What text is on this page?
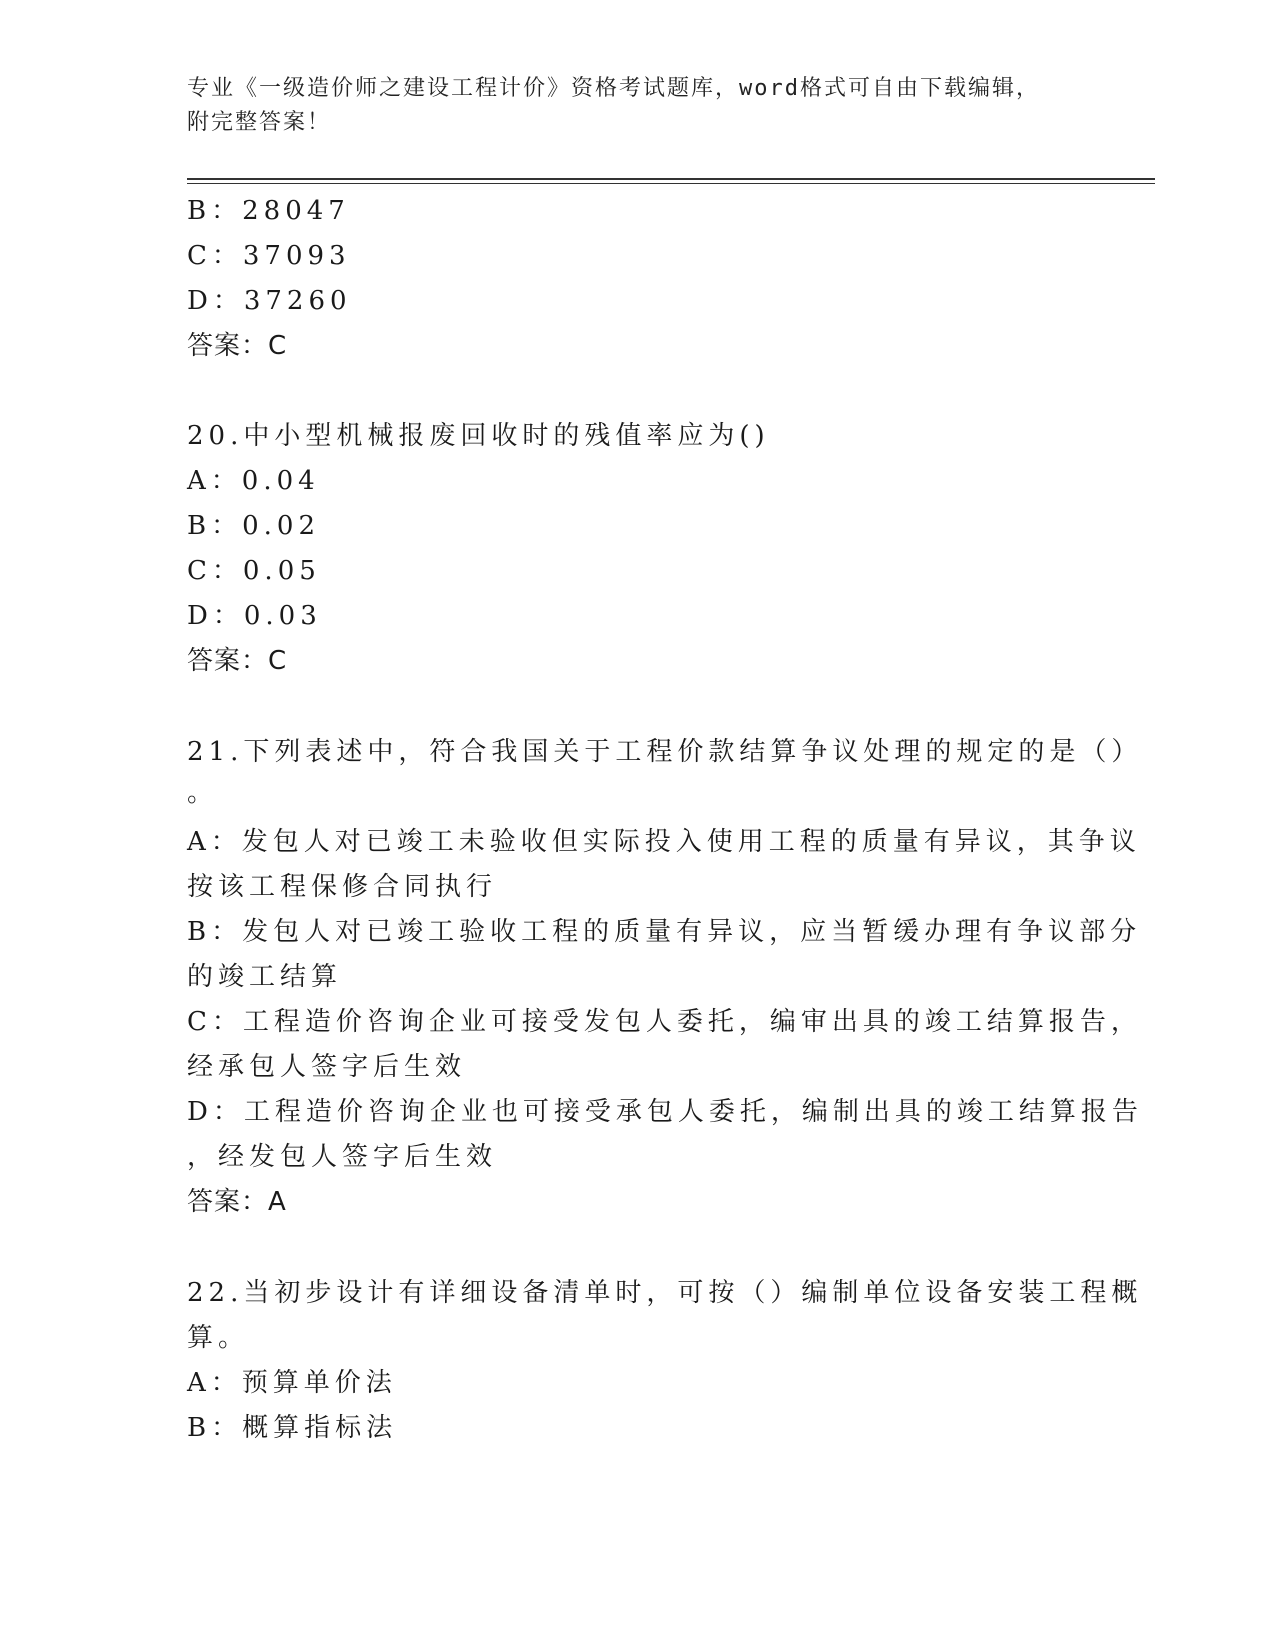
专业《一级造价师之建设工程计价》资格考试题库，word格式可自由下载编辑，
附完整答案！
B：28047
C：37093
D：37260
答案：C
20.中小型机械报废回收时的残值率应为()
A：0.04
B：0.02
C：0.05
D：0.03
答案：C
21.下列表述中，符合我国关于工程价款结算争议处理的规定的是（）
。
A：发包人对已竣工未验收但实际投入使用工程的质量有异议，其争议
按该工程保修合同执行
B：发包人对已竣工验收工程的质量有异议，应当暂缓办理有争议部分
的竣工结算
C：工程造价咨询企业可接受发包人委托，编审出具的竣工结算报告，
经承包人签字后生效
D：工程造价咨询企业也可接受承包人委托，编制出具的竣工结算报告
，经发包人签字后生效
答案：A
22.当初步设计有详细设备清单时，可按（）编制单位设备安装工程概
算。
A：预算单价法
B：概算指标法
